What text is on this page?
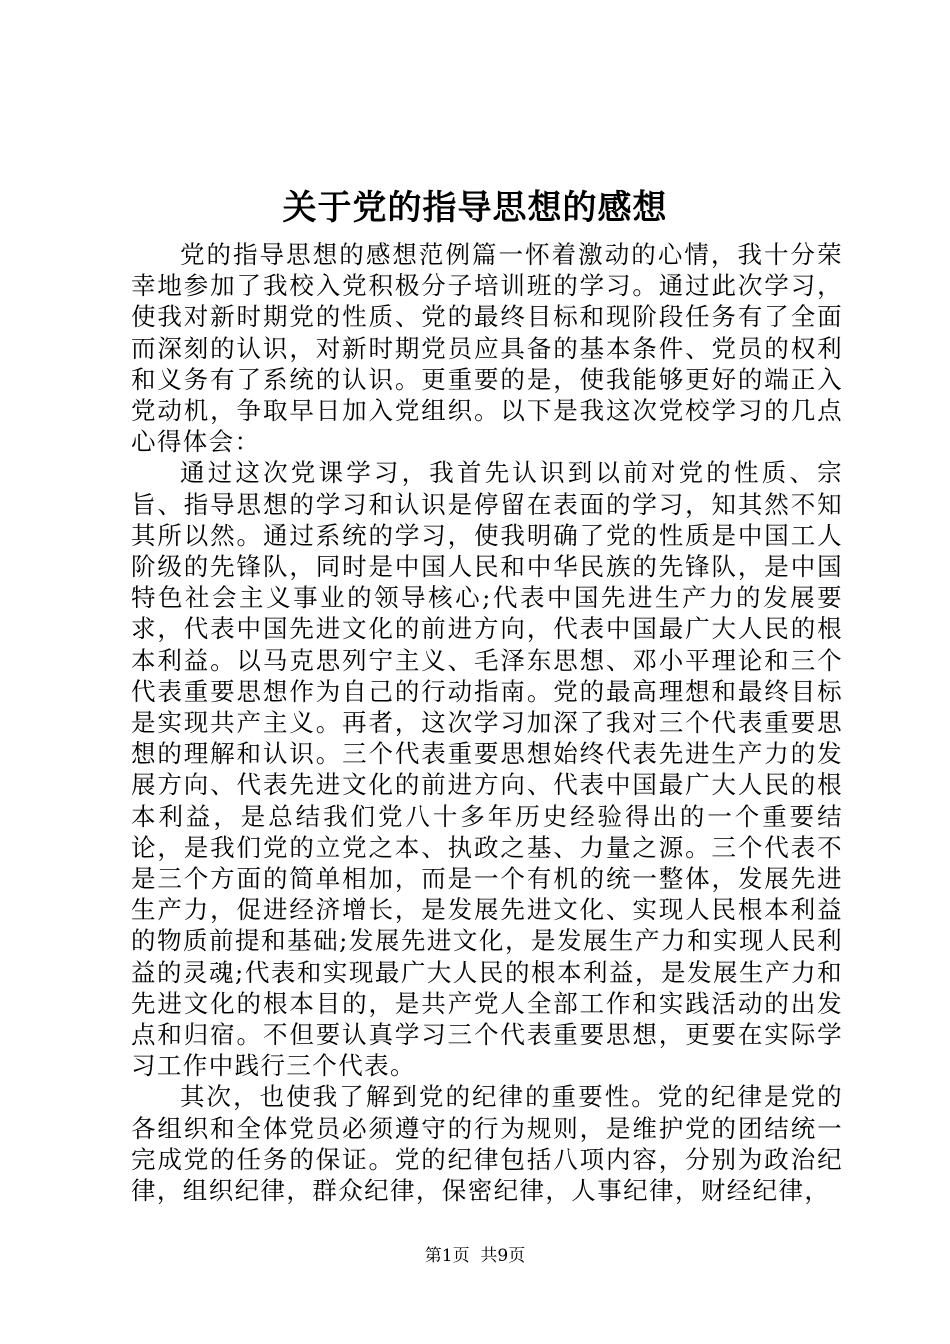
关于党的指导思想的感想

党的指导思想的感想范例篇一怀着激动的心情，我十分荣幸地参加了我校入党积极分子培训班的学习。通过此次学习，使我对新时期党的性质、党的最终目标和现阶段任务有了全面而深刻的认识，对新时期党员应具备的基本条件、党员的权利和义务有了系统的认识。更重要的是，使我能够更好的端正入党动机，争取早日加入党组织。以下是我这次党校学习的几点心得体会：

通过这次党课学习，我首先认识到以前对党的性质、宗旨、指导思想的学习和认识是停留在表面的学习，知其然不知其所以然。通过系统的学习，使我明确了党的性质是中国工人阶级的先锋队，同时是中国人民和中华民族的先锋队，是中国特色社会主义事业的领导核心;代表中国先进生产力的发展要求，代表中国先进文化的前进方向，代表中国最广大人民的根本利益。以马克思列宁主义、毛泽东思想、邓小平理论和三个代表重要思想作为自己的行动指南。党的最高理想和最终目标是实现共产主义。再者，这次学习加深了我对三个代表重要思想的理解和认识。三个代表重要思想始终代表先进生产力的发展方向、代表先进文化的前进方向、代表中国最广大人民的根本利益，是总结我们党八十多年历史经验得出的一个重要结论，是我们党的立党之本、执政之基、力量之源。三个代表不是三个方面的简单相加，而是一个有机的统一整体，发展先进生产力，促进经济增长，是发展先进文化、实现人民根本利益的物质前提和基础;发展先进文化，是发展生产力和实现人民利益的灵魂;代表和实现最广大人民的根本利益，是发展生产力和先进文化的根本目的，是共产党人全部工作和实践活动的出发点和归宿。不但要认真学习三个代表重要思想，更要在实际学习工作中践行三个代表。

其次，也使我了解到党的纪律的重要性。党的纪律是党的各组织和全体党员必须遵守的行为规则，是维护党的团结统一完成党的任务的保证。党的纪律包括八项内容，分别为政治纪律，组织纪律，群众纪律，保密纪律，人事纪律，财经纪律，

第1页 共9页
